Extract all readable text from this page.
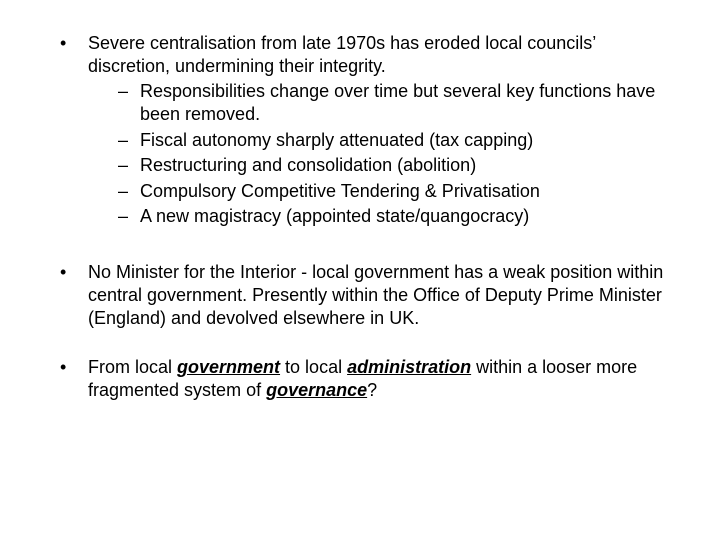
• Severe centralisation from late 1970s has eroded local councils’ discretion, undermining their integrity.
– Responsibilities change over time but several key functions have been removed.
– Fiscal autonomy sharply attenuated (tax capping)
– Restructuring and consolidation (abolition)
– Compulsory Competitive Tendering & Privatisation
– A new magistracy (appointed state/quangocracy)
• No Minister for the Interior - local government has a weak position within central government. Presently within the Office of Deputy Prime Minister (England) and devolved elsewhere in UK.
• From local government to local administration within a looser more fragmented system of governance?
